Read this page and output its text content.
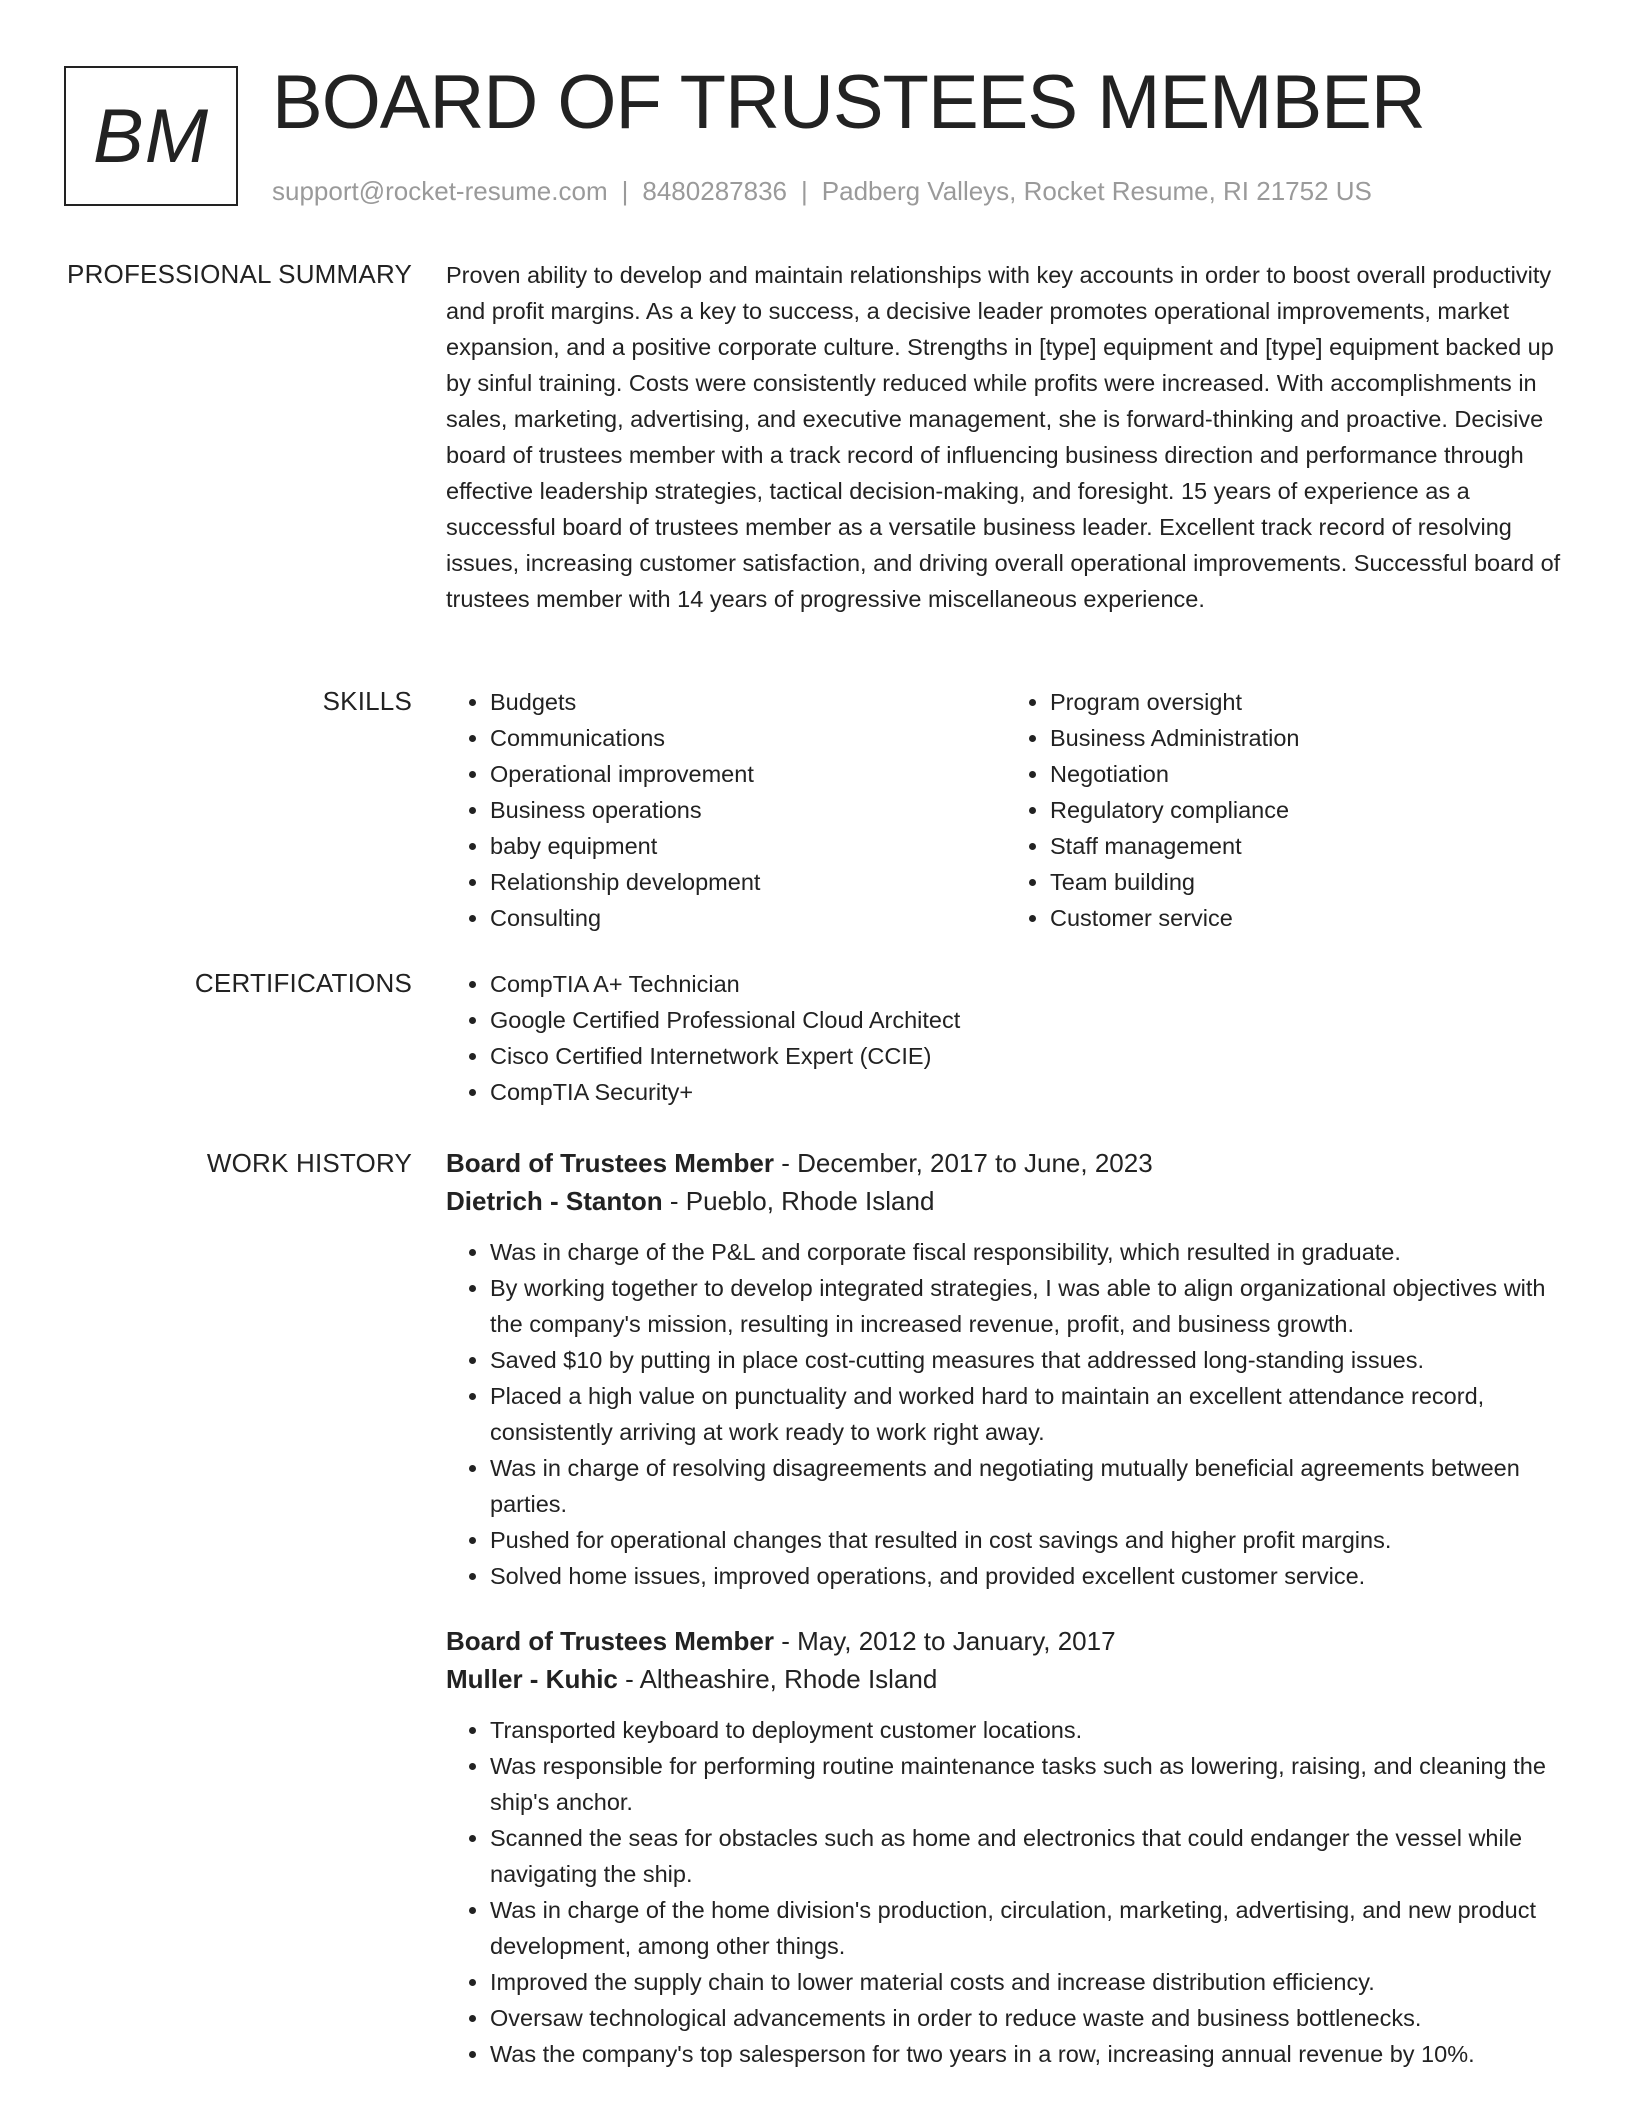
BM BOARD OF TRUSTEES MEMBER
support@rocket-resume.com | 8480287836 | Padberg Valleys, Rocket Resume, RI 21752 US
PROFESSIONAL SUMMARY Proven ability to develop and maintain relationships with key accounts in order to boost overall productivity and profit margins. As a key to success, a decisive leader promotes operational improvements, market expansion, and a positive corporate culture. Strengths in [type] equipment and [type] equipment backed up by sinful training. Costs were consistently reduced while profits were increased. With accomplishments in sales, marketing, advertising, and executive management, she is forward-thinking and proactive. Decisive board of trustees member with a track record of influencing business direction and performance through effective leadership strategies, tactical decision-making, and foresight. 15 years of experience as a successful board of trustees member as a versatile business leader. Excellent track record of resolving issues, increasing customer satisfaction, and driving overall operational improvements. Successful board of trustees member with 14 years of progressive miscellaneous experience.

SKILLS	• Budgets
• Communications
• Operational improvement
• Business operations
• baby equipment
• Relationship development
• Consulting
• Program oversight
• Business Administration
• Negotiation
• Regulatory compliance
• Staff management
• Team building
• Customer service
CERTIFICATIONS	• CompTIA A+ Technician
• Google Certified Professional Cloud Architect
• Cisco Certified Internetwork Expert (CCIE)
• CompTIA Security+
WORK HISTORY Board of Trustees Member - December, 2017 to June, 2023
Dietrich - Stanton - Pueblo, Rhode Island
• Was in charge of the P&L and corporate fiscal responsibility, which resulted in graduate.
• By working together to develop integrated strategies, I was able to align organizational objectives with the company's mission, resulting in increased revenue, profit, and business growth.
• Saved $10 by putting in place cost-cutting measures that addressed long-standing issues.
• Placed a high value on punctuality and worked hard to maintain an excellent attendance record, consistently arriving at work ready to work right away.
• Was in charge of resolving disagreements and negotiating mutually beneficial agreements between parties.
• Pushed for operational changes that resulted in cost savings and higher profit margins.
• Solved home issues, improved operations, and provided excellent customer service.
Board of Trustees Member - May, 2012 to January, 2017
Muller - Kuhic - Altheashire, Rhode Island
• Transported keyboard to deployment customer locations.
• Was responsible for performing routine maintenance tasks such as lowering, raising, and cleaning the ship's anchor.
• Scanned the seas for obstacles such as home and electronics that could endanger the vessel while navigating the ship.
• Was in charge of the home division's production, circulation, marketing, advertising, and new product development, among other things.
• Improved the supply chain to lower material costs and increase distribution efficiency.
• Oversaw technological advancements in order to reduce waste and business bottlenecks.
• Was the company's top salesperson for two years in a row, increasing annual revenue by 10%.
